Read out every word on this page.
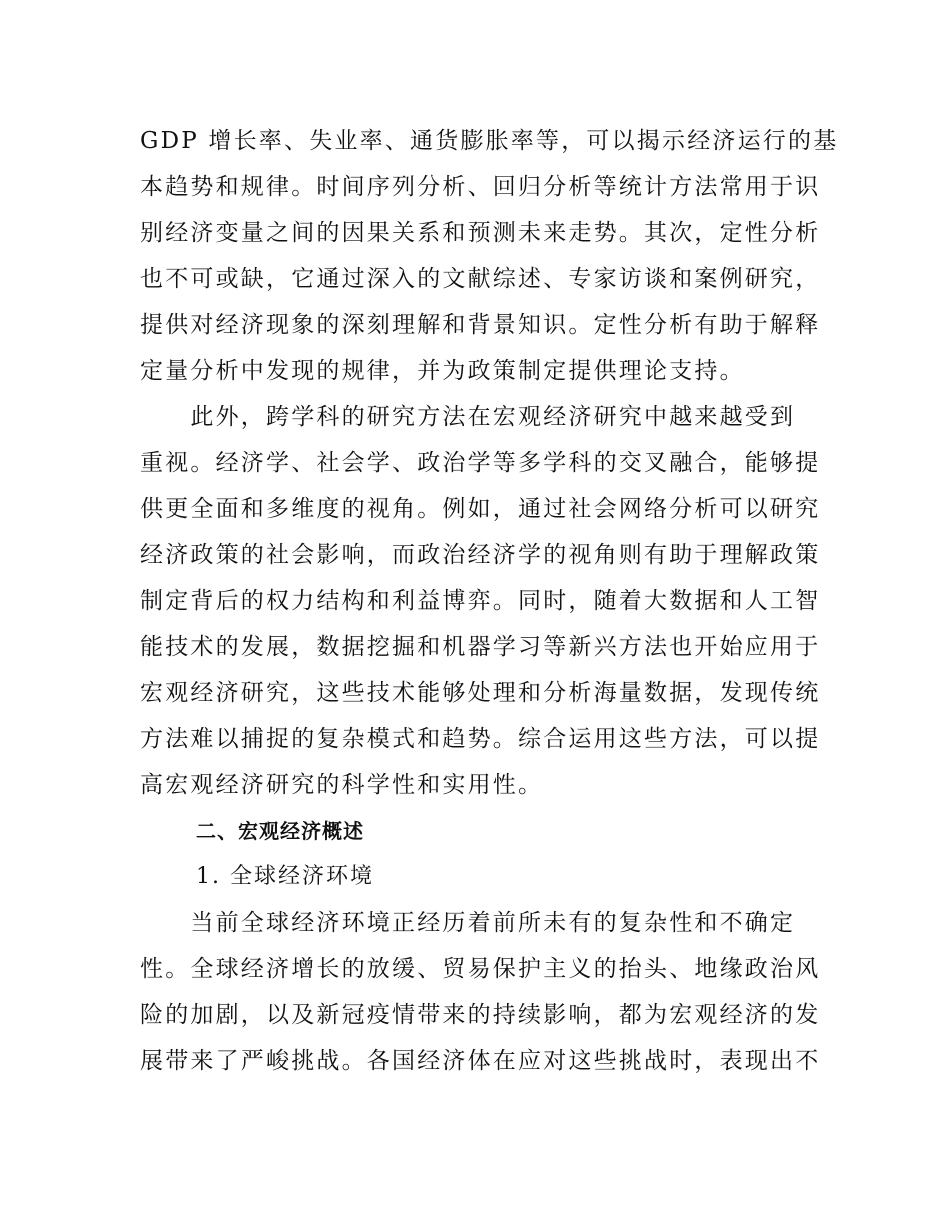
GDP 增长率、失业率、通货膨胀率等，可以揭示经济运行的基
本趋势和规律。时间序列分析、回归分析等统计方法常用于识
别经济变量之间的因果关系和预测未来走势。其次，定性分析
也不可或缺，它通过深入的文献综述、专家访谈和案例研究，
提供对经济现象的深刻理解和背景知识。定性分析有助于解释
定量分析中发现的规律，并为政策制定提供理论支持。
　　此外，跨学科的研究方法在宏观经济研究中越来越受到
重视。经济学、社会学、政治学等多学科的交叉融合，能够提
供更全面和多维度的视角。例如，通过社会网络分析可以研究
经济政策的社会影响，而政治经济学的视角则有助于理解政策
制定背后的权力结构和利益博弈。同时，随着大数据和人工智
能技术的发展，数据挖掘和机器学习等新兴方法也开始应用于
宏观经济研究，这些技术能够处理和分析海量数据，发现传统
方法难以捕捉的复杂模式和趋势。综合运用这些方法，可以提
高宏观经济研究的科学性和实用性。
二、宏观经济概述
1. 全球经济环境
　　当前全球经济环境正经历着前所未有的复杂性和不确定
性。全球经济增长的放缓、贸易保护主义的抬头、地缘政治风
险的加剧，以及新冠疫情带来的持续影响，都为宏观经济的发
展带来了严峻挑战。各国经济体在应对这些挑战时，表现出不
